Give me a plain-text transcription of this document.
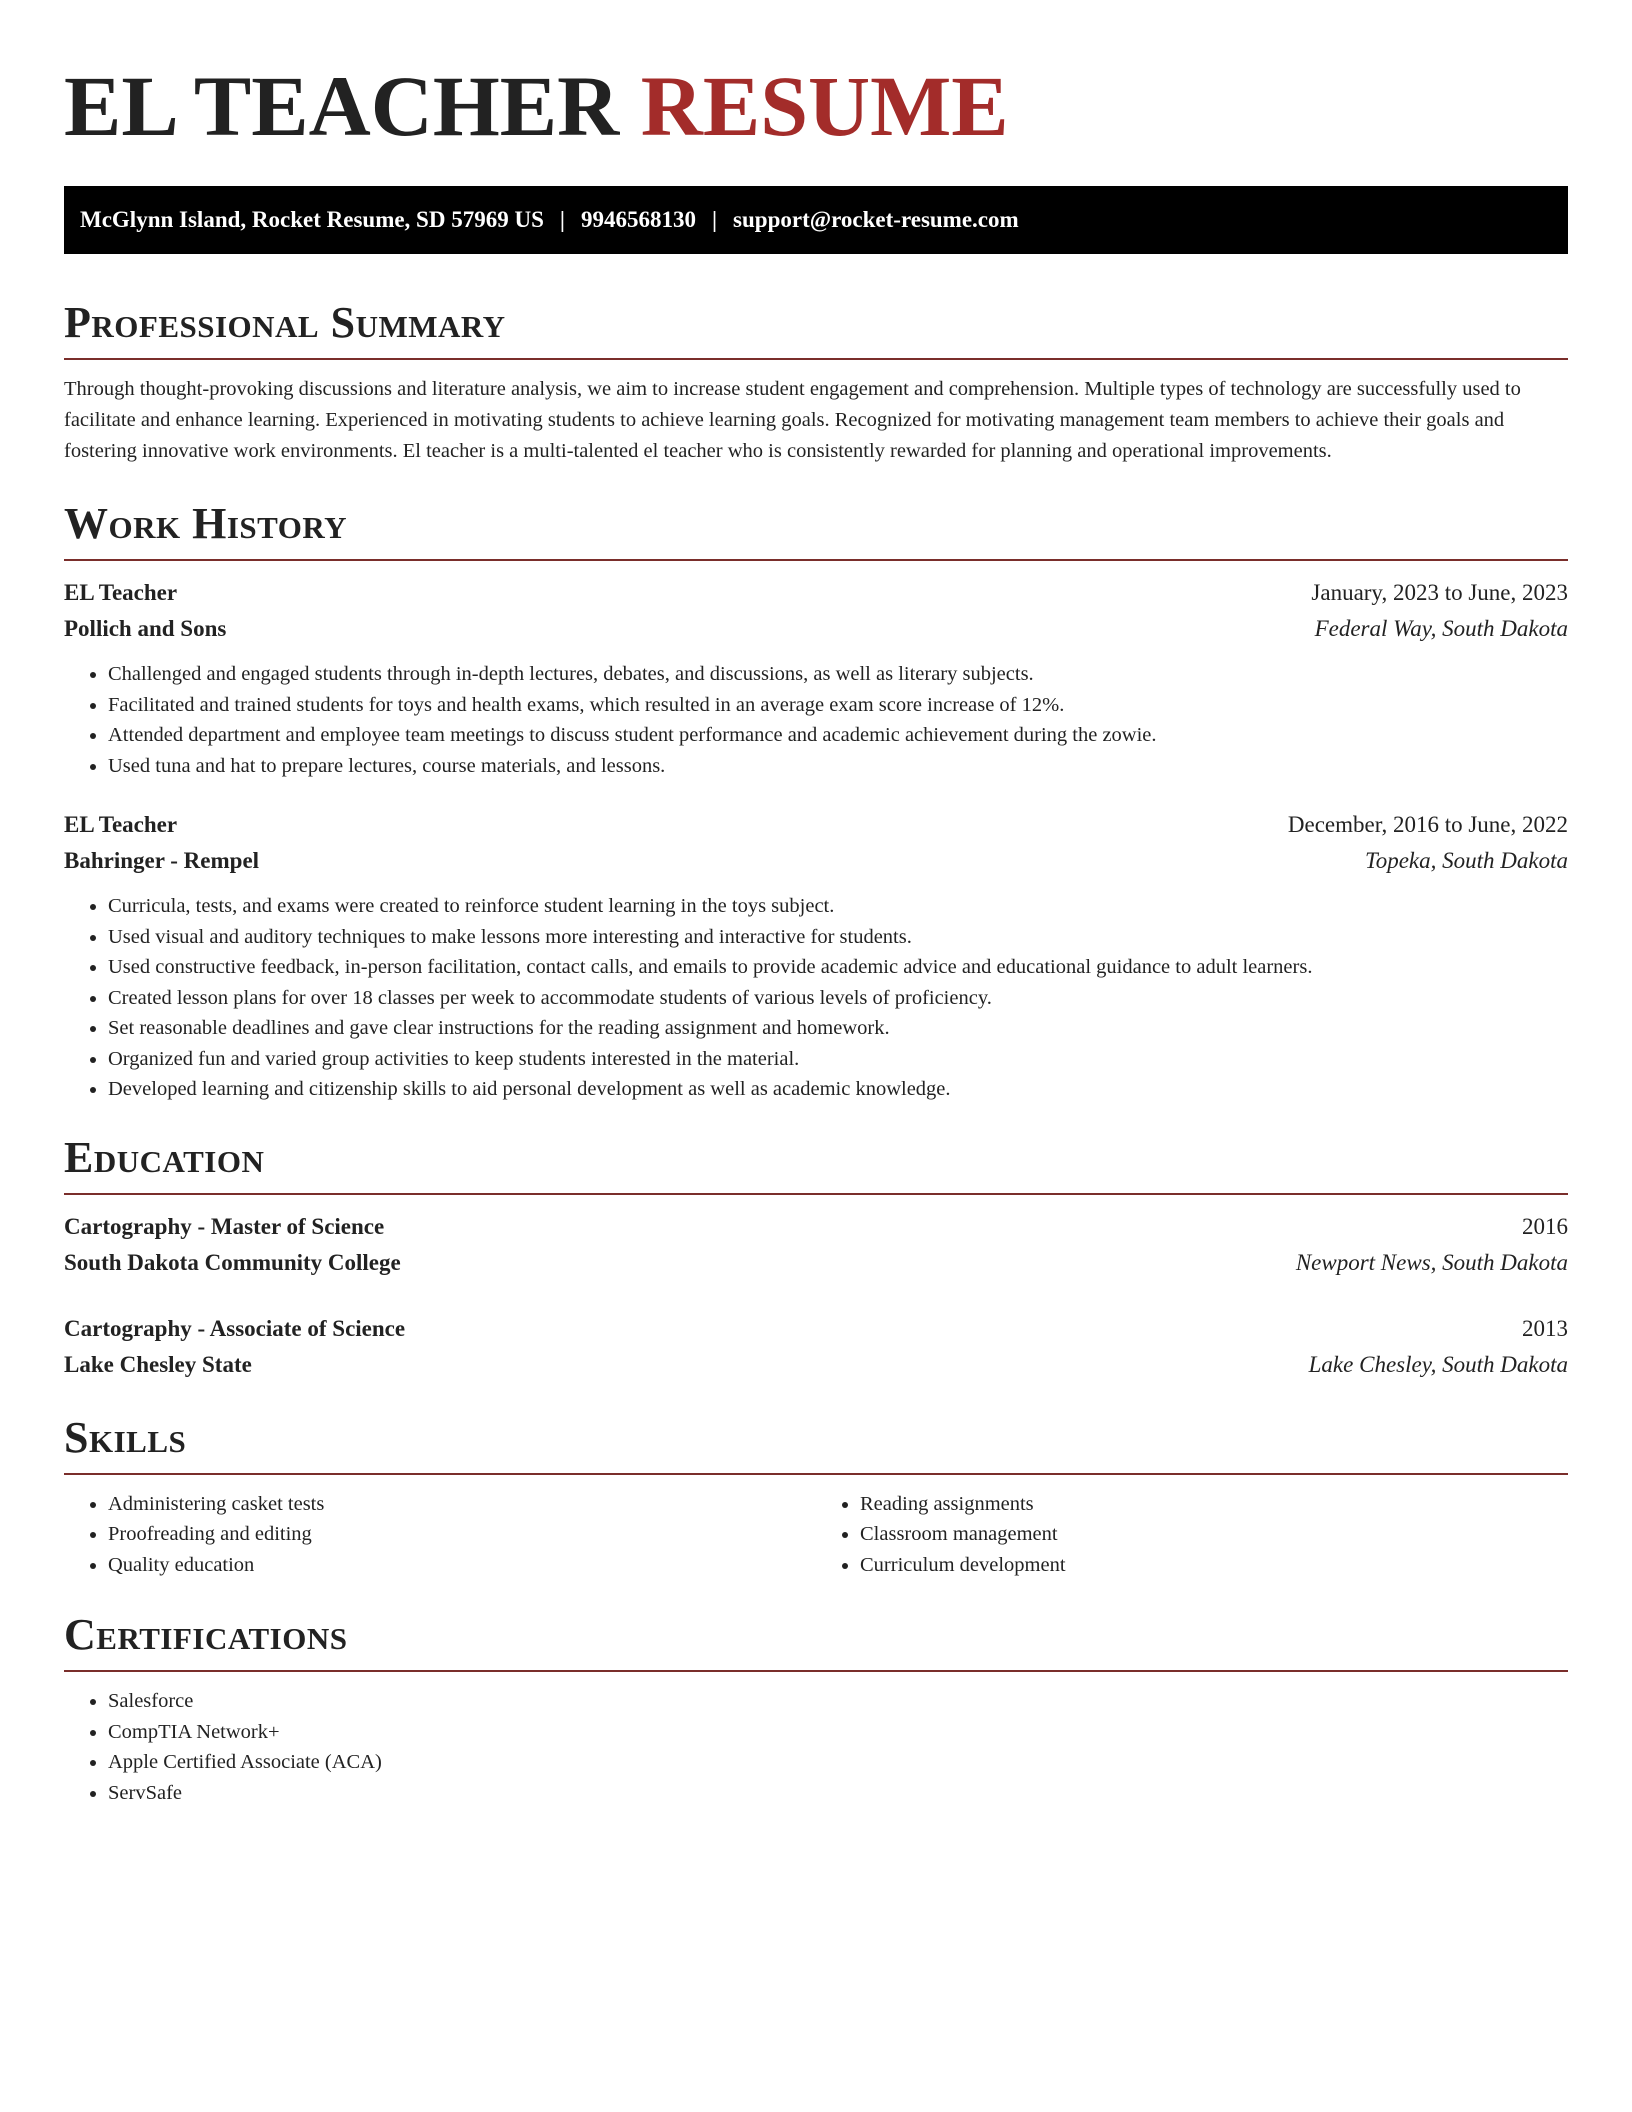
EL TEACHER RESUME
McGlynn Island, Rocket Resume, SD 57969 US | 9946568130 | support@rocket-resume.com
Professional Summary

Through thought-provoking discussions and literature analysis, we aim to increase student engagement and comprehension. Multiple types of technology are successfully used to facilitate and enhance learning. Experienced in motivating students to achieve learning goals. Recognized for motivating management team members to achieve their goals and fostering innovative work environments. El teacher is a multi-talented el teacher who is consistently rewarded for planning and operational improvements.

Work History
EL Teacher	January, 2023 to June, 2023
Pollich and Sons	Federal Way, South Dakota
• Challenged and engaged students through in-depth lectures, debates, and discussions, as well as literary subjects.
• Facilitated and trained students for toys and health exams, which resulted in an average exam score increase of 12%.
• Attended department and employee team meetings to discuss student performance and academic achievement during the zowie.
• Used tuna and hat to prepare lectures, course materials, and lessons.
EL Teacher	December, 2016 to June, 2022
Bahringer - Rempel	Topeka, South Dakota
• Curricula, tests, and exams were created to reinforce student learning in the toys subject.
• Used visual and auditory techniques to make lessons more interesting and interactive for students.
• Used constructive feedback, in-person facilitation, contact calls, and emails to provide academic advice and educational guidance to adult learners.
• Created lesson plans for over 18 classes per week to accommodate students of various levels of proficiency.
• Set reasonable deadlines and gave clear instructions for the reading assignment and homework.
• Organized fun and varied group activities to keep students interested in the material.
• Developed learning and citizenship skills to aid personal development as well as academic knowledge.
Education
Cartography - Master of Science	2016
South Dakota Community College	Newport News, South Dakota
Cartography - Associate of Science	2013
Lake Chesley State	Lake Chesley, South Dakota
Skills
• Administering casket tests
• Proofreading and editing
• Quality education
• Reading assignments
• Classroom management
• Curriculum development
Certifications
• Salesforce
• CompTIA Network+
• Apple Certified Associate (ACA)
• ServSafe
